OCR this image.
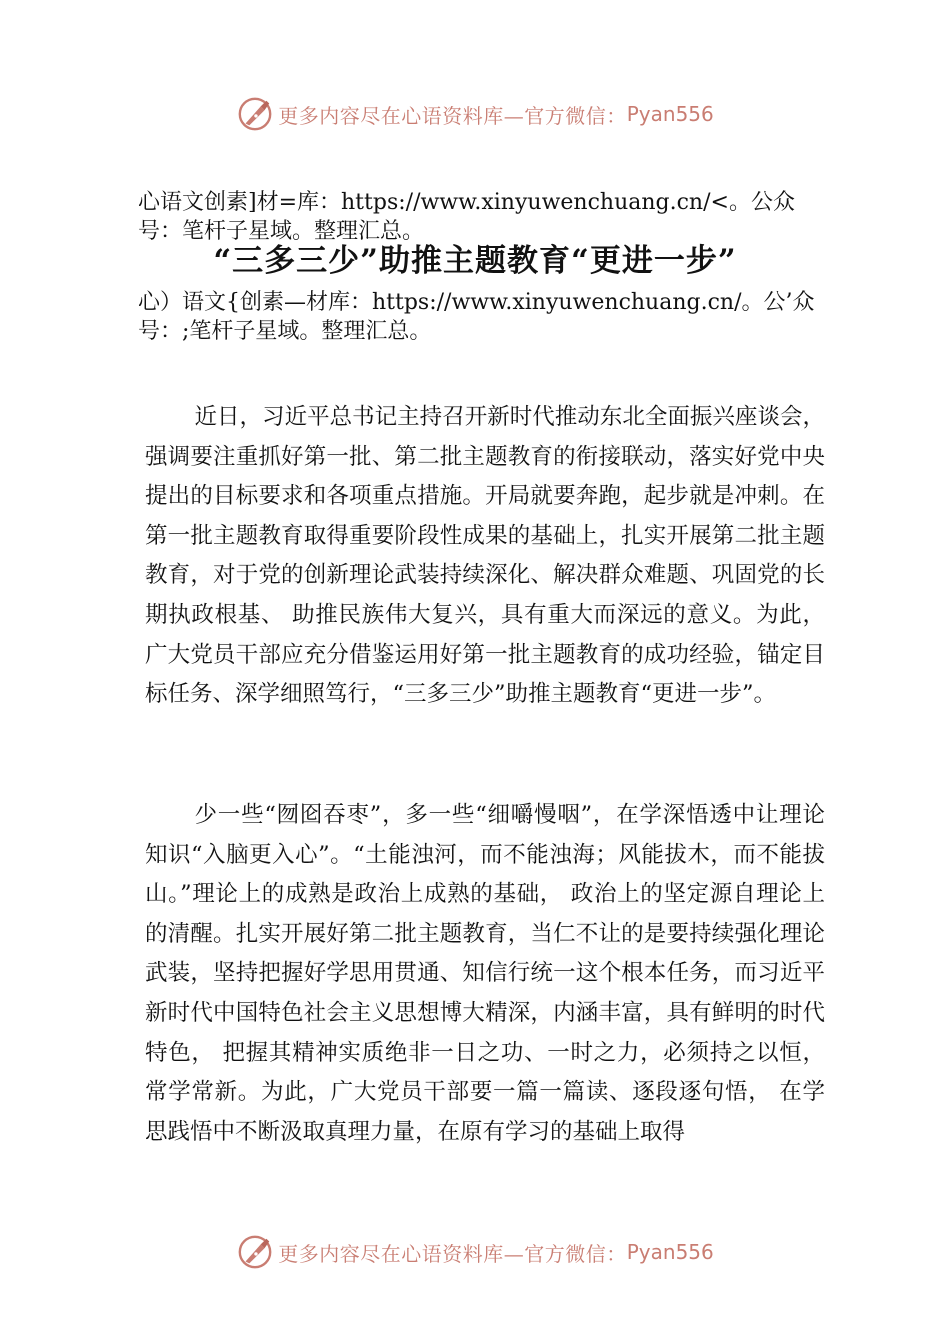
更多内容尽在心语资料库—官方微信： Pyan556
心语文创素]材=库：https://www.xinyuwenchuang.cn/<。公众号：笔杆子星域。整理汇总。
“三多三少”助推主题教育“更进一步”
心）语文{创素—材库：https://www.xinyuwenchuang.cn/。公’众号：;笔杆子星域。整理汇总。

近日，习近平总书记主持召开新时代推动东北全面振兴座谈会，强调要注重抓好第一批、第二批主题教育的衔接联动，落实好党中央提出的目标要求和各项重点措施。开局就要奔跑，起步就是冲刺。在第一批主题教育取得重要阶段性成果的基础上，扎实开展第二批主题教育，对于党的创新理论武装持续深化、解决群众难题、巩固党的长期执政根基、 助推民族伟大复兴，具有重大而深远的意义。为此，广大党员干部应充分借鉴运用好第一批主题教育的成功经验，锚定目标任务、深学细照笃行，“三多三少”助推主题教育“更进一步”。

少一些“囫囵吞枣”，多一些“细嚼慢咽”，在学深悟透中让理论知识“入脑更入心”。“土能浊河，而不能浊海；风能拔木，而不能拔山。”理论上的成熟是政治上成熟的基础， 政治上的坚定源自理论上的清醒。扎实开展好第二批主题教育，当仁不让的是要持续强化理论武装，坚持把握好学思用贯通、知信行统一这个根本任务，而习近平新时代中国特色社会主义思想博大精深，内涵丰富，具有鲜明的时代特色， 把握其精神实质绝非一日之功、一时之力，必须持之以恒， 常学常新。为此，广大党员干部要一篇一篇读、逐段逐句悟， 在学思践悟中不断汲取真理力量，在原有学习的基础上取得

更多内容尽在心语资料库—官方微信： Pyan556
